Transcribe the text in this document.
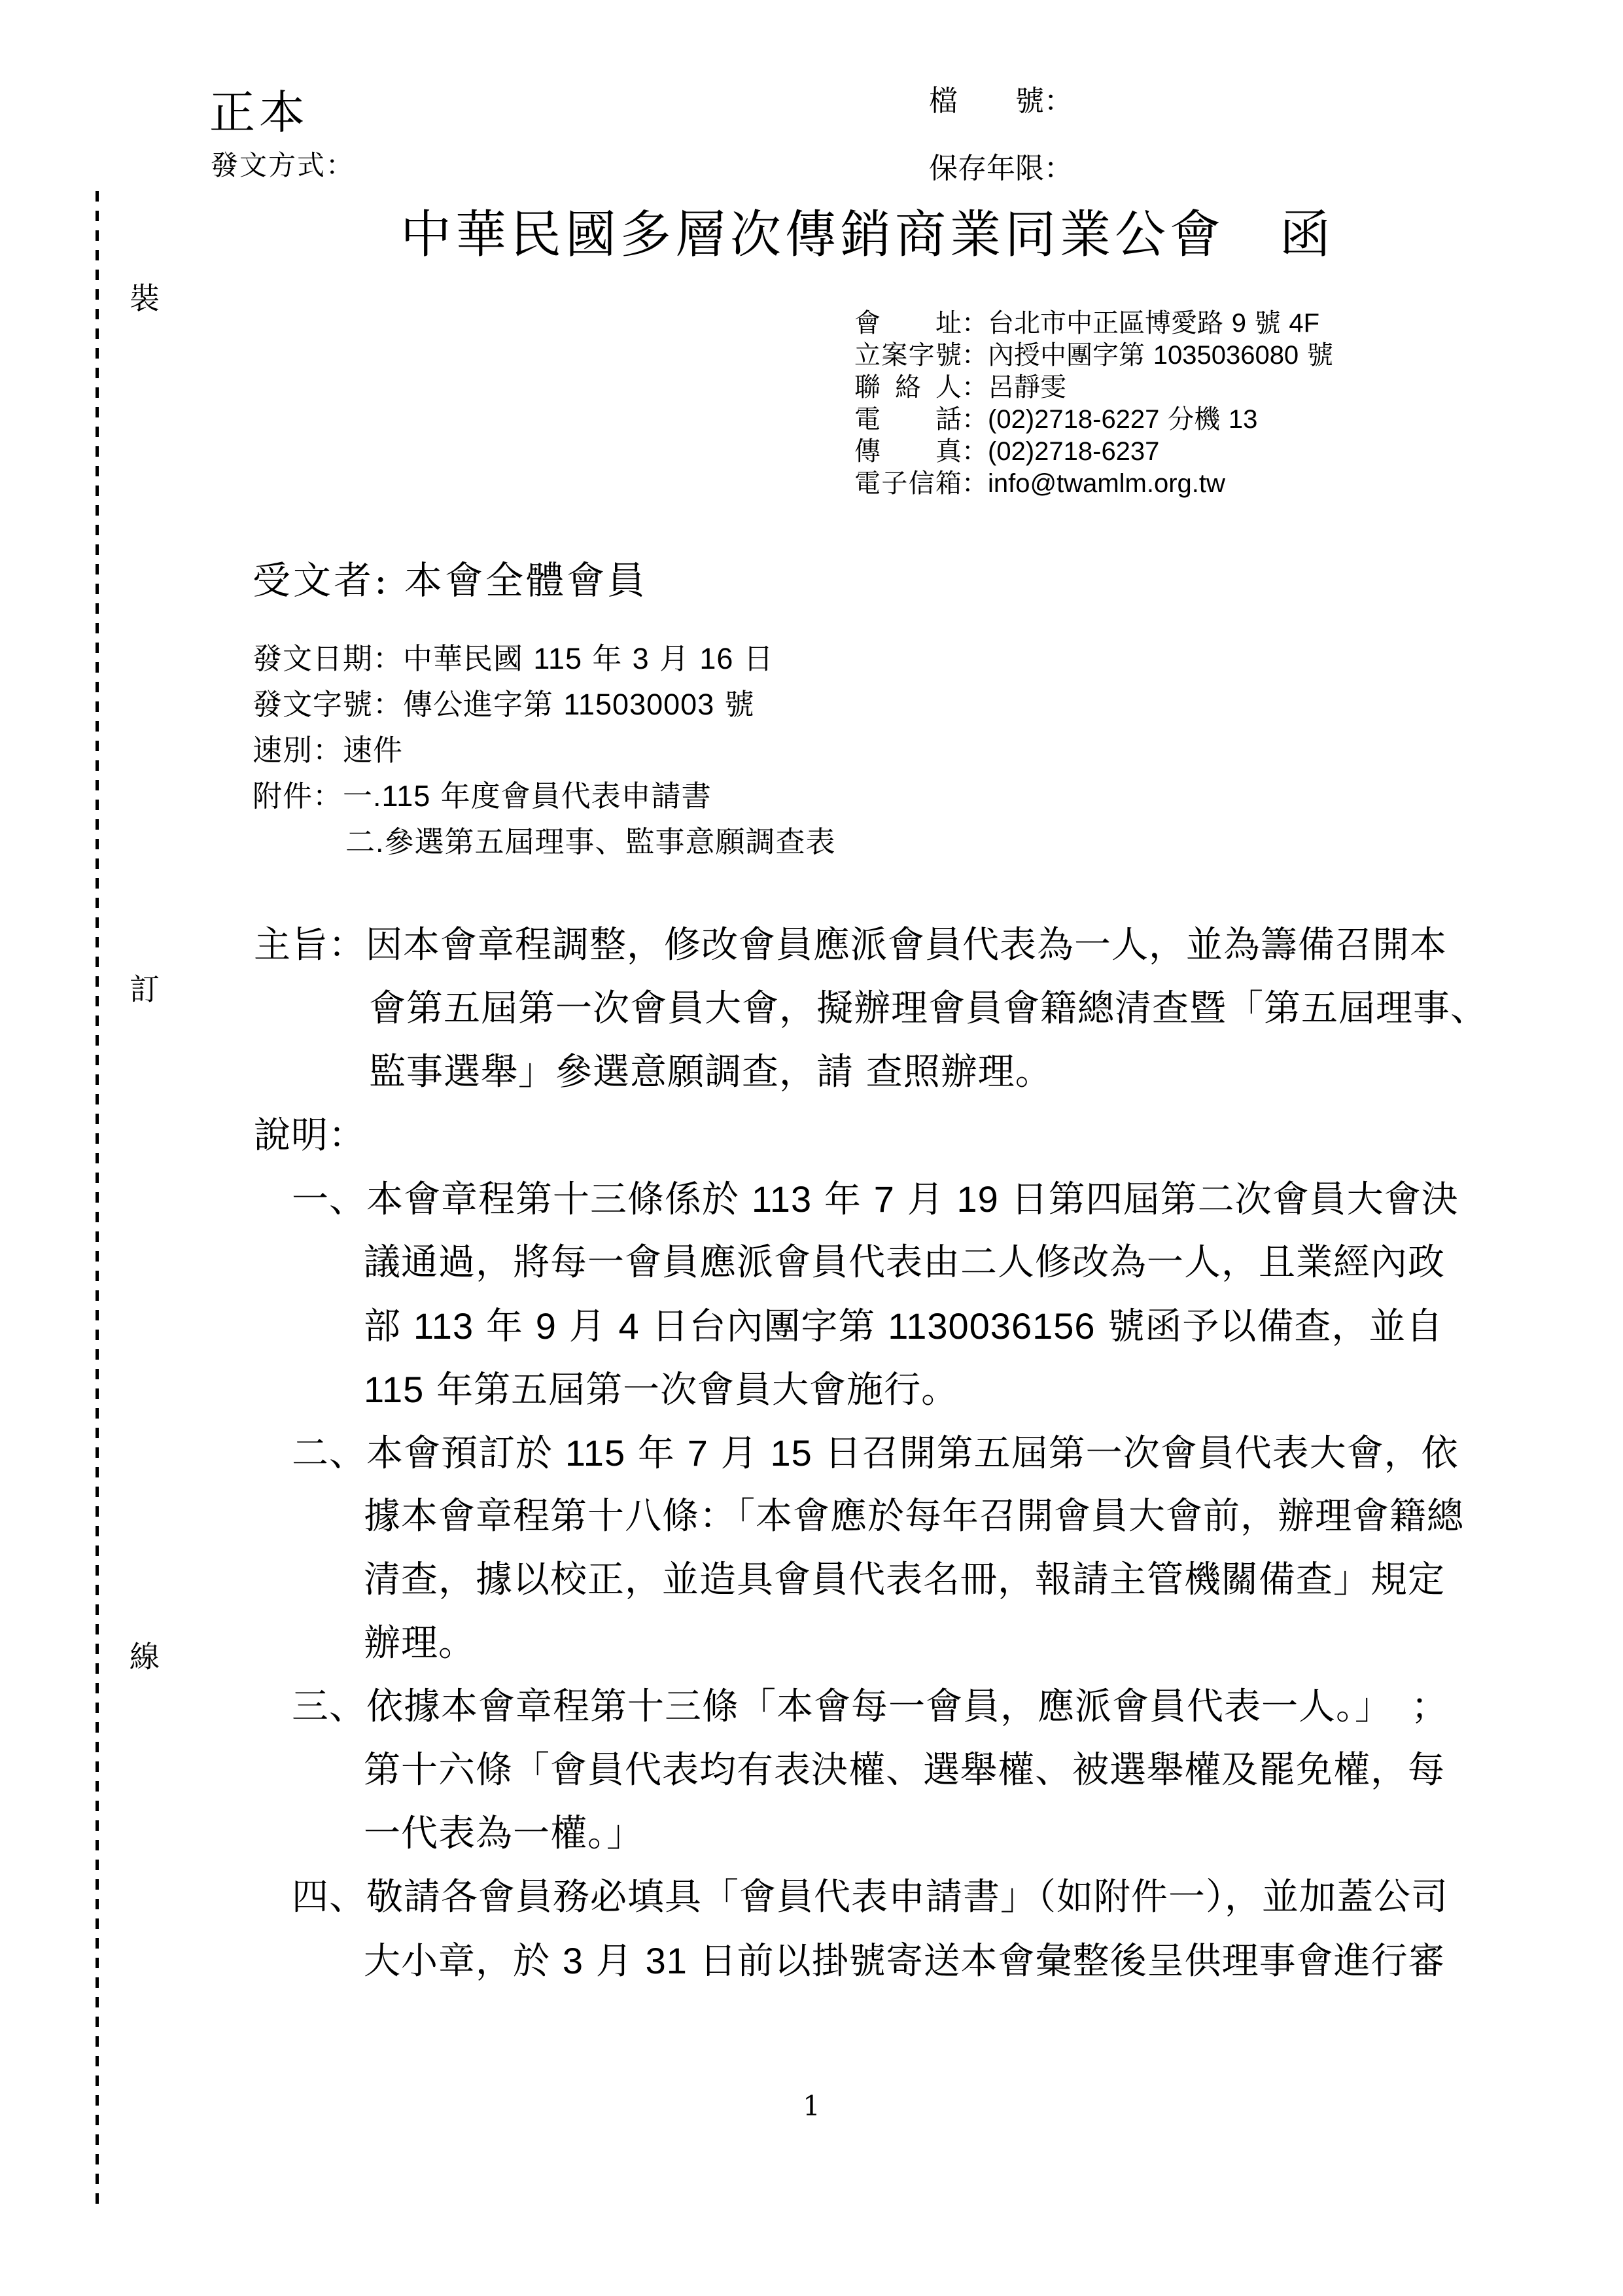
正本
發文方式：
檔　　號：
保存年限：
中華民國多層次傳銷商業同業公會　函
裝
訂
線
會　址：台北市中正區博愛路 9 號 4F
立案字號：內授中團字第 1035036080 號
聯 絡 人：呂靜雯
電　話：(02)2718-6227 分機 13
傳　真：(02)2718-6237
電子信箱：info@twamlm.org.tw
受文者: 本會全體會員
發文日期：中華民國 115 年 3 月 16 日
發文字號：傳公進字第 115030003 號
速別：速件
附件：一.115 年度會員代表申請書
二.參選第五屆理事、監事意願調查表
主旨：因本會章程調整，修改會員應派會員代表為一人，並為籌備召開本
會第五屆第一次會員大會，擬辦理會員會籍總清查暨「第五屆理事、
監事選舉」參選意願調查，請 查照辦理。
說明：
一、本會章程第十三條係於 113 年 7 月 19 日第四屆第二次會員大會決
議通過，將每一會員應派會員代表由二人修改為一人，且業經內政
部 113 年 9 月 4 日台內團字第 1130036156 號函予以備查，並自
115 年第五屆第一次會員大會施行。
二、本會預訂於 115 年 7 月 15 日召開第五屆第一次會員代表大會，依
據本會章程第十八條：「本會應於每年召開會員大會前，辦理會籍總
清查，據以校正，並造具會員代表名冊，報請主管機關備查」規定
辦理。
三、依據本會章程第十三條「本會每一會員，應派會員代表一人。」　；
第十六條「會員代表均有表決權、選舉權、被選舉權及罷免權，每
一代表為一權。」
四、敬請各會員務必填具「會員代表申請書」（如附件一），並加蓋公司
大小章，於 3 月 31 日前以掛號寄送本會彙整後呈供理事會進行審
1
